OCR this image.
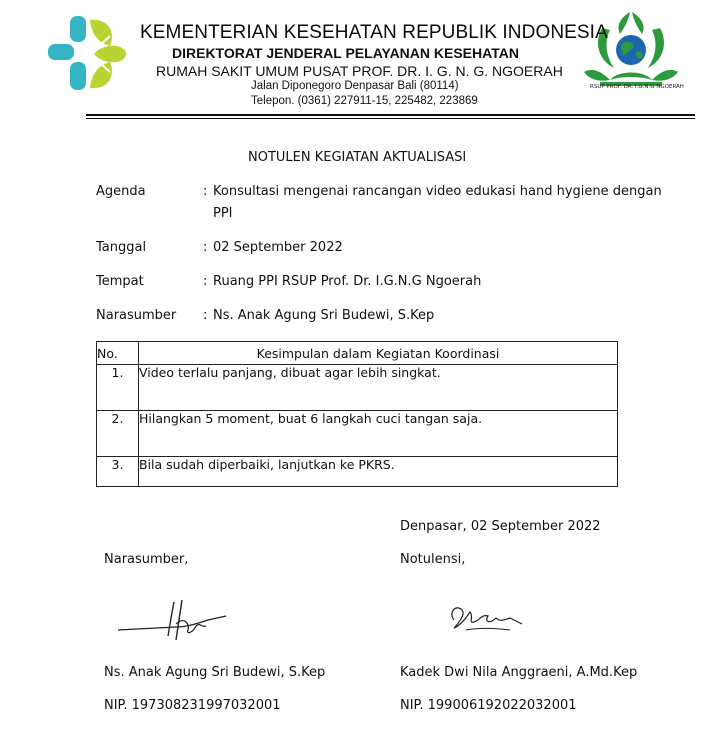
RSUP PROF. DR. I.G.N.G NGOERAH
KEMENTERIAN KESEHATAN REPUBLIK INDONESIA
DIREKTORAT JENDERAL PELAYANAN KESEHATAN
RUMAH SAKIT UMUM PUSAT PROF. DR. I. G. N. G. NGOERAH
Jalan Diponegoro Denpasar Bali (80114)
Telepon. (0361) 227911-15, 225482, 223869
NOTULEN KEGIATAN AKTUALISASI
Agenda	: Konsultasi mengenai rancangan video edukasi hand hygiene dengan
PPI
Tanggal	: 02 September 2022
Tempat	: Ruang PPI RSUP Prof. Dr. I.G.N.G Ngoerah
Narasumber : Ns. Anak Agung Sri Budewi, S.Kep
No.	Kesimpulan dalam Kegiatan Koordinasi
1.	Video terlalu panjang, dibuat agar lebih singkat.
2.	Hilangkan 5 moment, buat 6 langkah cuci tangan saja.
3.	Bila sudah diperbaiki, lanjutkan ke PKRS.
Denpasar, 02 September 2022
Narasumber,	Notulensi,
Ns. Anak Agung Sri Budewi, S.Kep	Kadek Dwi Nila Anggraeni, A.Md.Kep
NIP. 197308231997032001	NIP. 199006192022032001
